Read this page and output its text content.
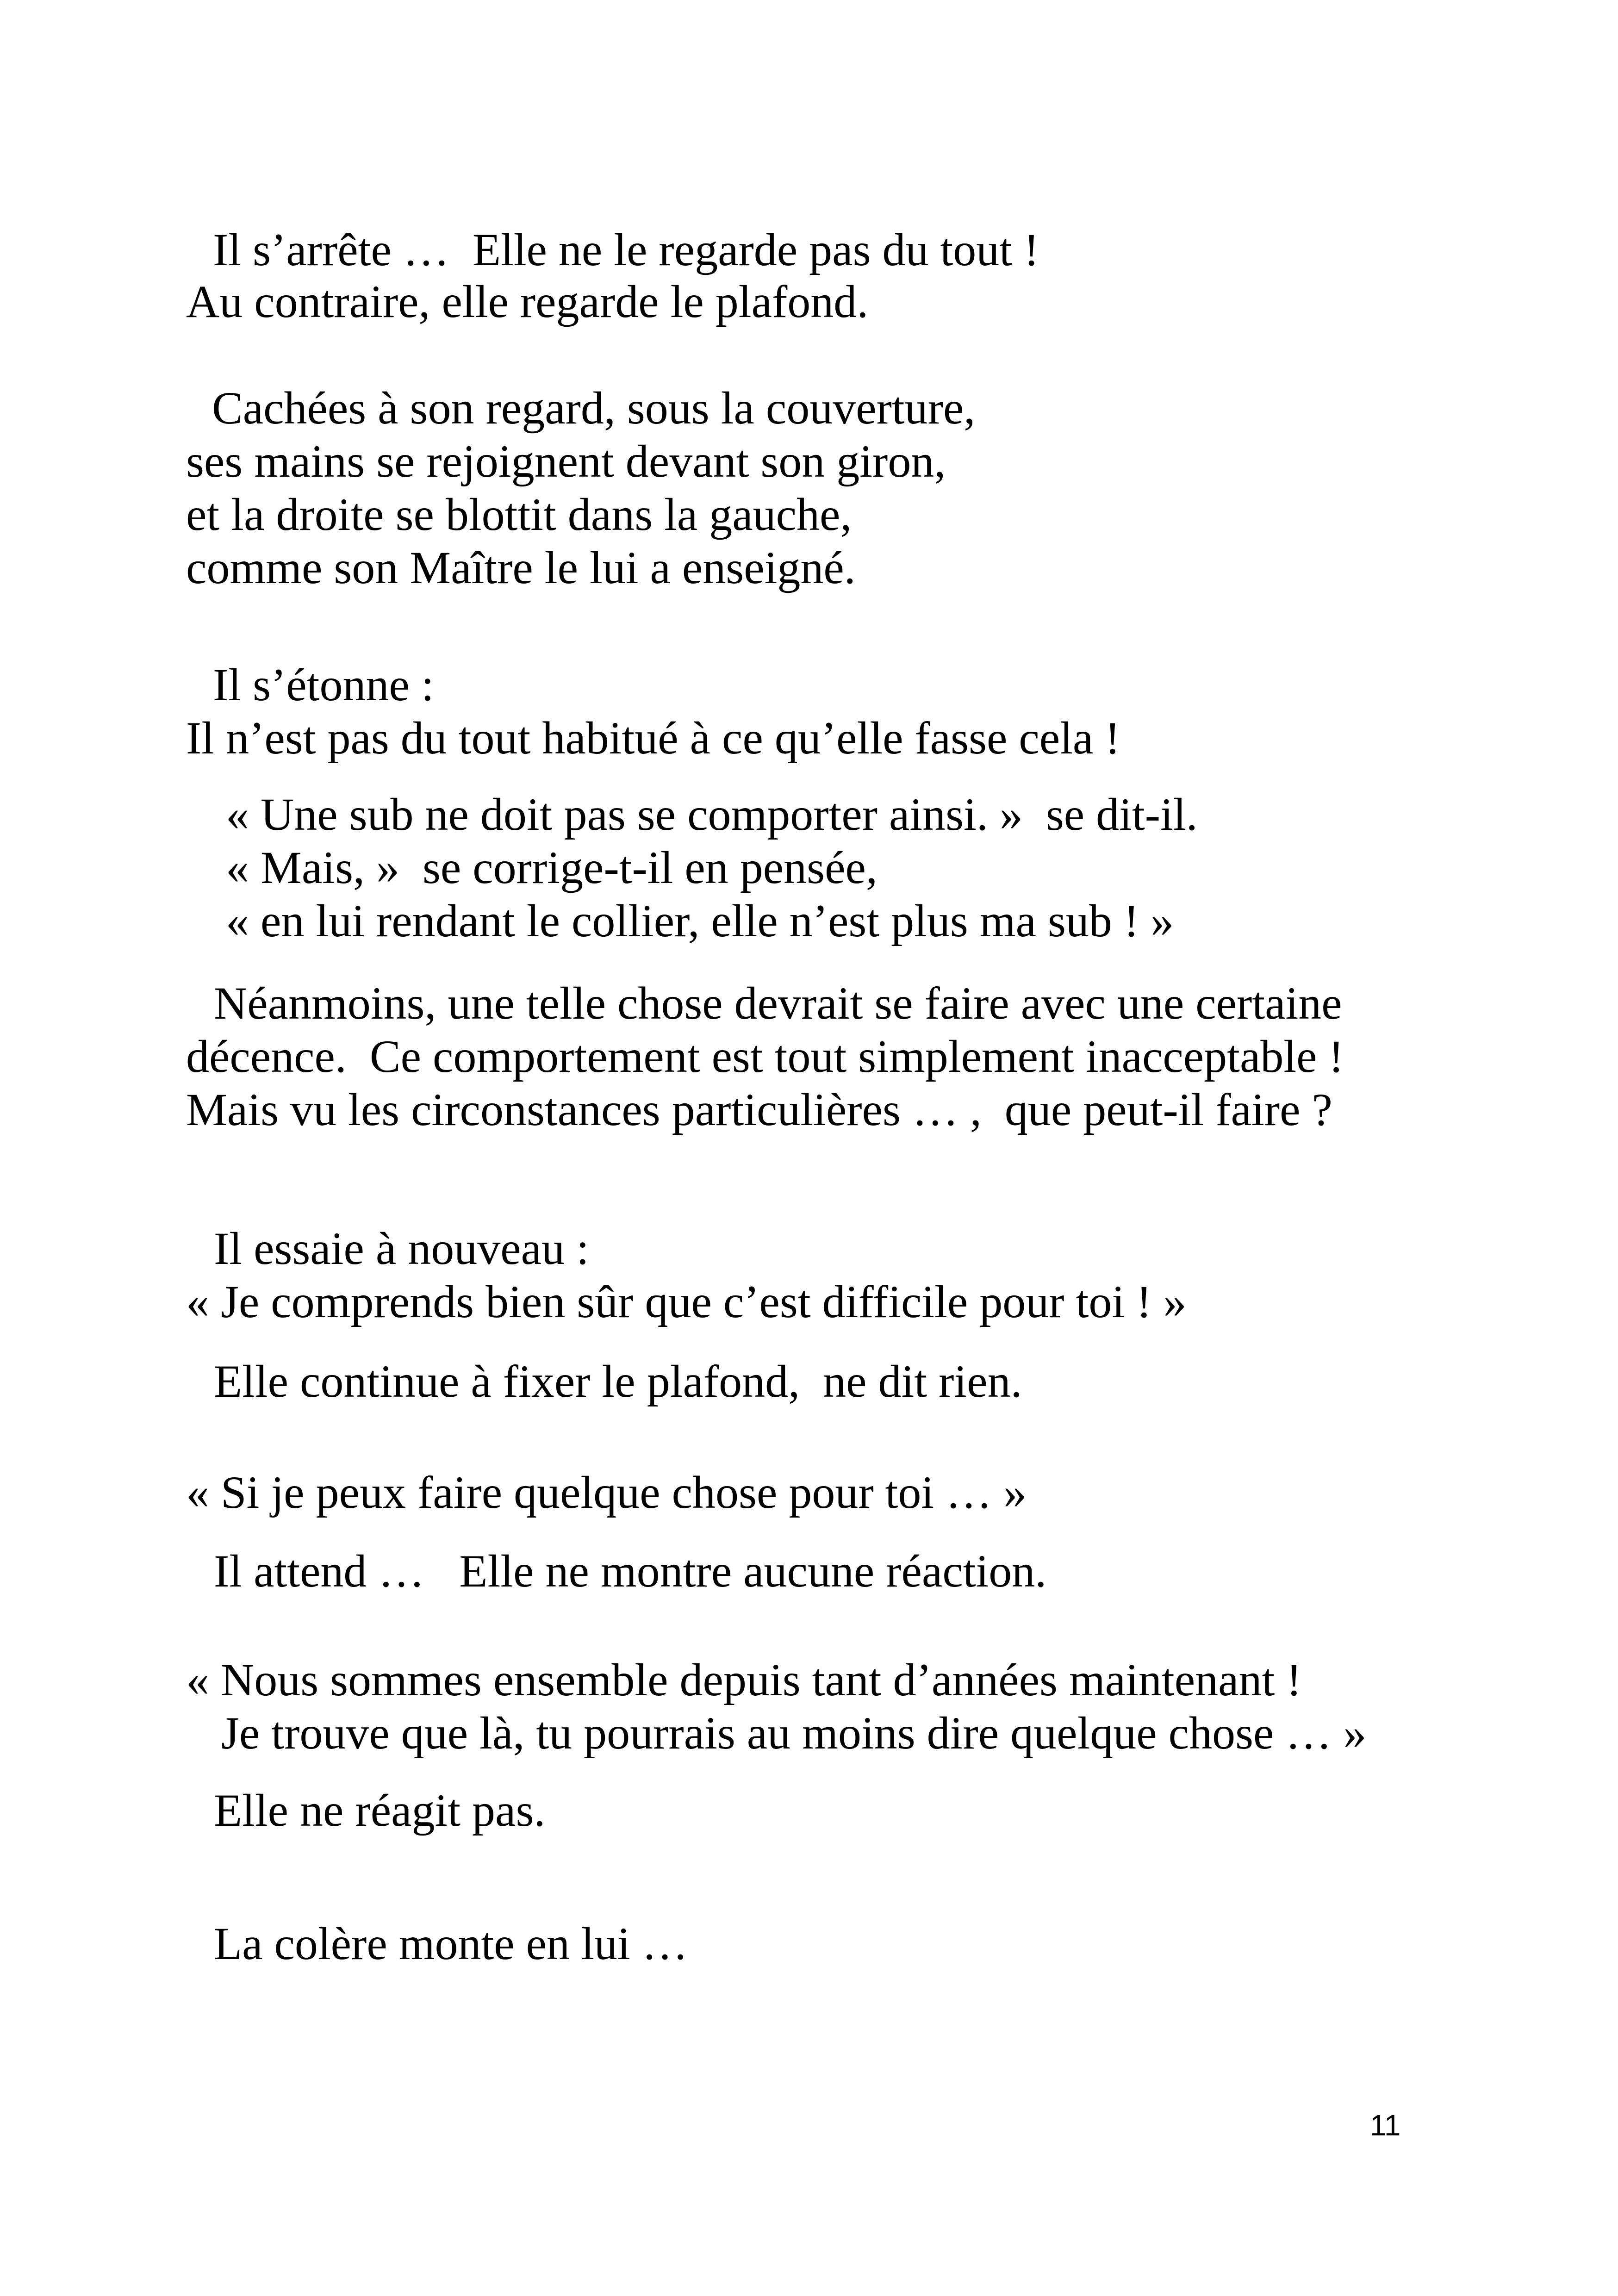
Il s’arrête …  Elle ne le regarde pas du tout !
Au contraire, elle regarde le plafond.
Cachées à son regard, sous la couverture,
ses mains se rejoignent devant son giron,
et la droite se blottit dans la gauche,
comme son Maître le lui a enseigné.
Il s’étonne :
Il n’est pas du tout habitué à ce qu’elle fasse cela !
« Une sub ne doit pas se comporter ainsi. »  se dit-il.
« Mais, »  se corrige-t-il en pensée,
« en lui rendant le collier, elle n’est plus ma sub ! »
Néanmoins, une telle chose devrait se faire avec une certaine
décence.  Ce comportement est tout simplement inacceptable !
Mais vu les circonstances particulières … ,  que peut-il faire ?
Il essaie à nouveau :
« Je comprends bien sûr que c’est difficile pour toi ! »
Elle continue à fixer le plafond,  ne dit rien.
« Si je peux faire quelque chose pour toi … »
Il attend …   Elle ne montre aucune réaction.
« Nous sommes ensemble depuis tant d’années maintenant !
Je trouve que là, tu pourrais au moins dire quelque chose … »
Elle ne réagit pas.
La colère monte en lui …
11
